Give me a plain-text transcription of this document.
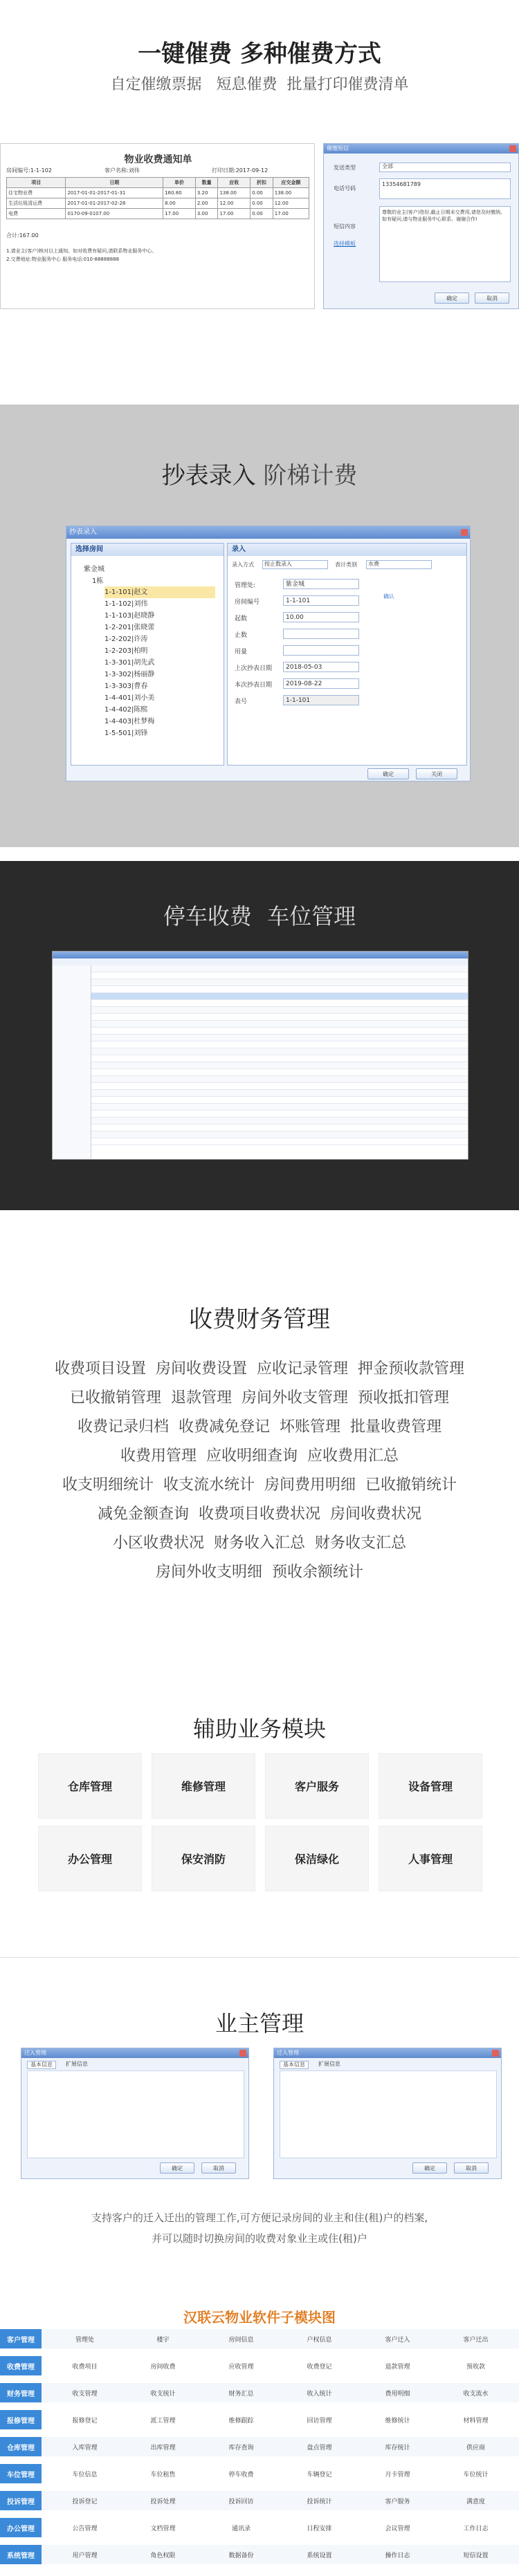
一键催费 多种催费方式
自定催缴票据   短息催费  批量打印催费清单
物业收费通知单
房间编号:1-1-102	客户名称:刘伟	打印日期:2017-09-12
项目	日期	单价	数量	应收	折扣	应交金额
住宅物业费	2017-01-01-2017-01-31	160.80	3.20	138.00	0.00	138.00
生活垃圾清运费	2017-01-01-2017-02-28	8.00	2.00	12.00	0.00	12.00
电费	0170-09-0107.00	17.00	3.00	17.00	0.00	17.00
合计:167.00
1.请业主(客户)核对以上通知。如对收费有疑问,请联系物业服务中心。
2.交费地址:物业服务中心 服务电话:010-88888888
催缴短信
发送类型	全部
电话号码
13354681789
短信内容
尊敬的业主(客户)您好,截止日期未交费用,请您及时缴纳。如有疑问,请与物业服务中心联系。谢谢合作!
选择模板
确定	取消
抄表录入 阶梯计费
抄表录入
选择房间
紫金城
1栋
1-1-101|赵文
1-1-102|刘伟
1-1-103|赵晓静
1-2-201|张晓蕾
1-2-202|许涛
1-2-203|柏明
1-3-301|胡先武
1-3-302|杨丽静
1-3-303|曹春
1-4-401|刘小美
1-4-402|陈熙
1-4-403|杜梦梅
1-5-501|刘锋
录入
录入方式	按止数录入	表计类别	水费
管理处:	紫金城
房间编号	1-1-101
起数	10.00
止数
用量
上次抄表日期	2018-05-03
本次抄表日期	2019-08-22
表号	1-1-101
确认
确定	关闭
停车收费 车位管理
收费财务管理
收费项目设置  房间收费设置  应收记录管理  押金预收款管理
已收撤销管理  退款管理  房间外收支管理  预收抵扣管理
收费记录归档  收费减免登记  坏账管理  批量收费管理
收费用管理  应收明细查询  应收费用汇总
收支明细统计  收支流水统计  房间费用明细  已收撤销统计
减免金额查询  收费项目收费状况  房间收费状况
小区收费状况  财务收入汇总  财务收支汇总
房间外收支明细  预收余额统计
辅助业务模块
仓库管理	维修管理	客户服务	设备管理
办公管理	保安消防	保洁绿化	人事管理
业主管理
迁入管理
基本信息	扩展信息
确定	取消
迁入管理
基本信息	扩展信息
确定	取消
支持客户的迁入迁出的管理工作,可方便记录房间的业主和住(租)户的档案,
并可以随时切换房间的收费对象业主或住(租)户
汉联云物业软件子模块图
客户管理	管理处	楼宇	房间信息	户权信息	客户迁入	客户迁出
收费管理	收费项目	房间收费	应收管理	收费登记	退款管理	预收款
财务管理	收支管理	收支统计	财务汇总	收入统计	费用明细	收支流水
报修管理	报修登记	派工管理	维修跟踪	回访管理	维修统计	材料管理
仓库管理	入库管理	出库管理	库存查询	盘点管理	库存统计	供应商
车位管理	车位信息	车位租售	停车收费	车辆登记	月卡管理	车位统计
投诉管理	投诉登记	投诉处理	投诉回访	投诉统计	客户服务	满意度
办公管理	公告管理	文档管理	通讯录	日程安排	会议管理	工作日志
系统管理	用户管理	角色权限	数据备份	系统设置	操作日志	短信设置
